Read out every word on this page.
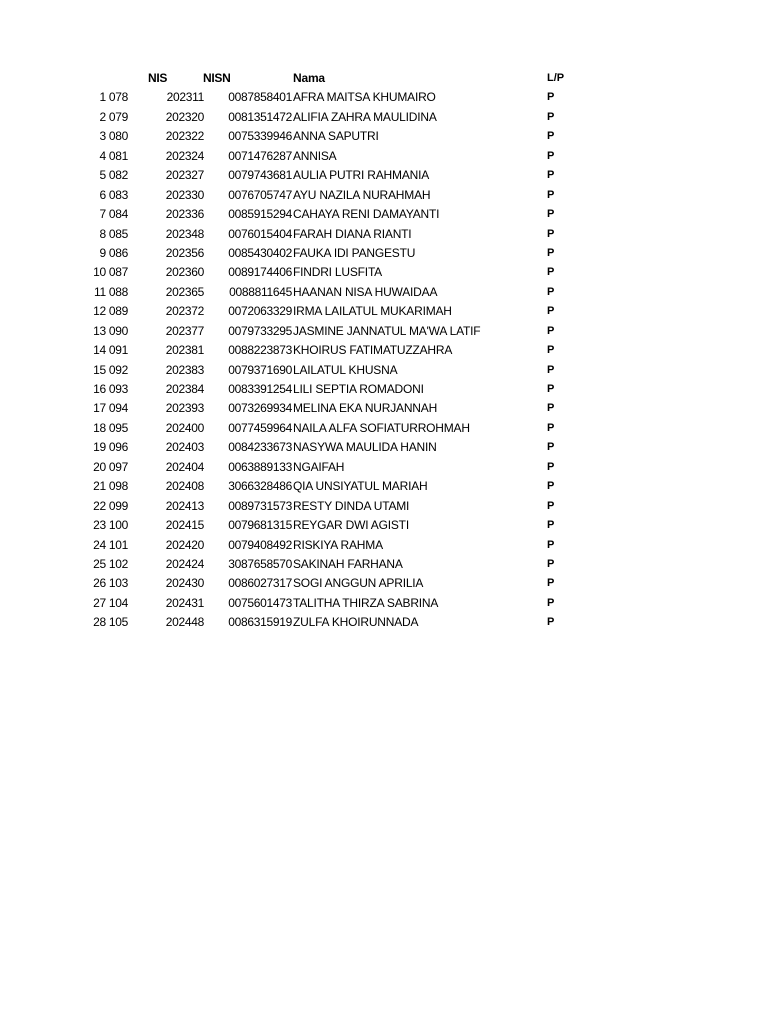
NIS	NISN	Nama	L/P
1 078	202311	0087858401 AFRA MAITSA KHUMAIRO	P
2 079	202320	0081351472 ALIFIA ZAHRA MAULIDINA	P
3 080	202322	0075339946 ANNA SAPUTRI	P
4 081	202324	0071476287 ANNISA	P
5 082	202327	0079743681 AULIA PUTRI RAHMANIA	P
6 083	202330	0076705747 AYU NAZILA NURAHMAH	P
7 084	202336	0085915294 CAHAYA RENI DAMAYANTI	P
8 085	202348	0076015404 FARAH DIANA RIANTI	P
9 086	202356	0085430402 FAUKA IDI PANGESTU	P
10 087	202360	0089174406 FINDRI LUSFITA	P
11 088	202365	0088811645 HAANAN NISA HUWAIDAA	P
12 089	202372	0072063329 IRMA LAILATUL MUKARIMAH	P
13 090	202377	0079733295 JASMINE JANNATUL MA'WA LATIF	P
14 091	202381	0088223873 KHOIRUS FATIMATUZZAHRA	P
15 092	202383	0079371690 LAILATUL KHUSNA	P
16 093	202384	0083391254 LILI SEPTIA ROMADONI	P
17 094	202393	0073269934 MELINA EKA NURJANNAH	P
18 095	202400	0077459964 NAILA ALFA SOFIATURROHMAH	P
19 096	202403	0084233673 NASYWA MAULIDA HANIN	P
20 097	202404	0063889133 NGAIFAH	P
21 098	202408	3066328486 QIA UNSIYATUL MARIAH	P
22 099	202413	0089731573 RESTY DINDA UTAMI	P
23 100	202415	0079681315 REYGAR DWI AGISTI	P
24 101	202420	0079408492 RISKIYA RAHMA	P
25 102	202424	3087658570 SAKINAH FARHANA	P
26 103	202430	0086027317 SOGI ANGGUN APRILIA	P
27 104	202431	0075601473 TALITHA THIRZA SABRINA	P
28 105	202448	0086315919 ZULFA KHOIRUNNADA	P
